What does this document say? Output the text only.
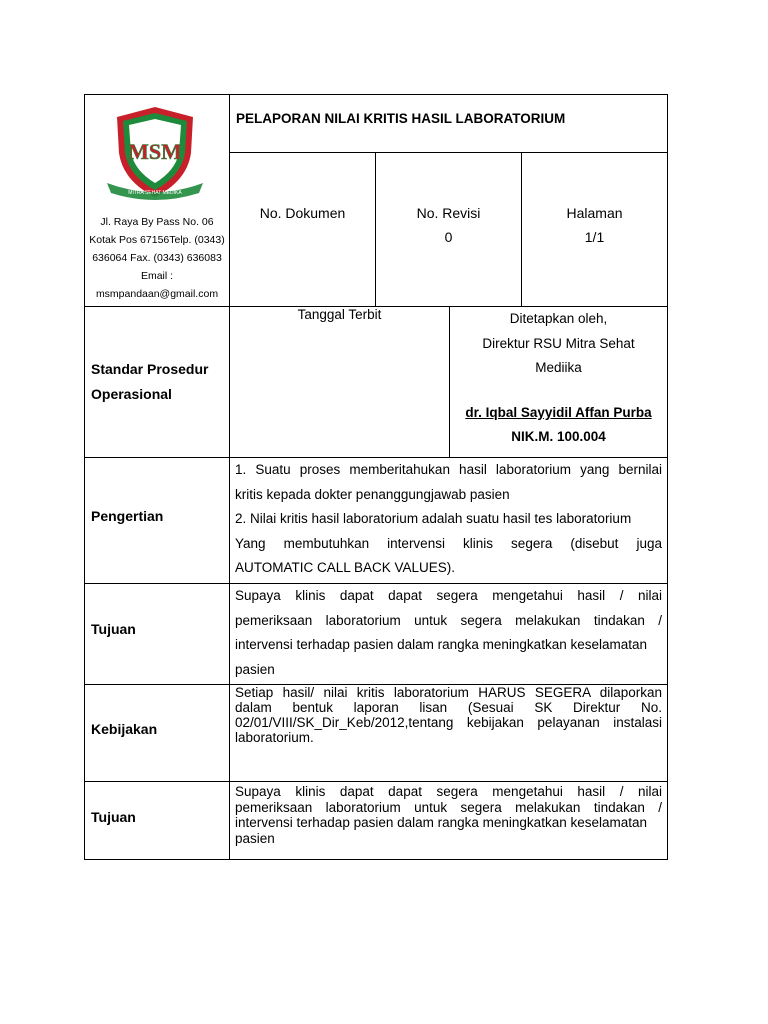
MSM
MITRA SEHAT MEDIKA
Jl. Raya By Pass No. 06
Kotak Pos 67156Telp. (0343)
636064 Fax. (0343) 636083
Email :
msmpandaan@gmail.com
PELAPORAN NILAI KRITIS HASIL LABORATORIUM
No. Dokumen	No. Revisi
0
Halaman
1/1
Standar Prosedur
Operasional
Tanggal Terbit	Ditetapkan oleh,
Direktur RSU Mitra Sehat
Mediika
dr. Iqbal Sayyidil Affan Purba
NIK.M. 100.004
Pengertian
1. Suatu proses memberitahukan hasil laboratorium yang bernilai
kritis kepada dokter penanggungjawab pasien
2. Nilai kritis hasil laboratorium adalah suatu hasil tes laboratorium
Yang membutuhkan intervensi klinis segera (disebut juga
AUTOMATIC CALL BACK VALUES).
Tujuan
Supaya klinis dapat dapat segera mengetahui hasil / nilai
pemeriksaan laboratorium untuk segera melakukan tindakan /
intervensi terhadap pasien dalam rangka meningkatkan keselamatan
pasien
Kebijakan
Setiap hasil/ nilai kritis laboratorium HARUS SEGERA dilaporkan
dalam bentuk laporan lisan (Sesuai SK Direktur No.
02/01/VIII/SK_Dir_Keb/2012,tentang kebijakan pelayanan instalasi
laboratorium.
Tujuan
Supaya klinis dapat dapat segera mengetahui hasil / nilai
pemeriksaan laboratorium untuk segera melakukan tindakan /
intervensi terhadap pasien dalam rangka meningkatkan keselamatan
pasien
